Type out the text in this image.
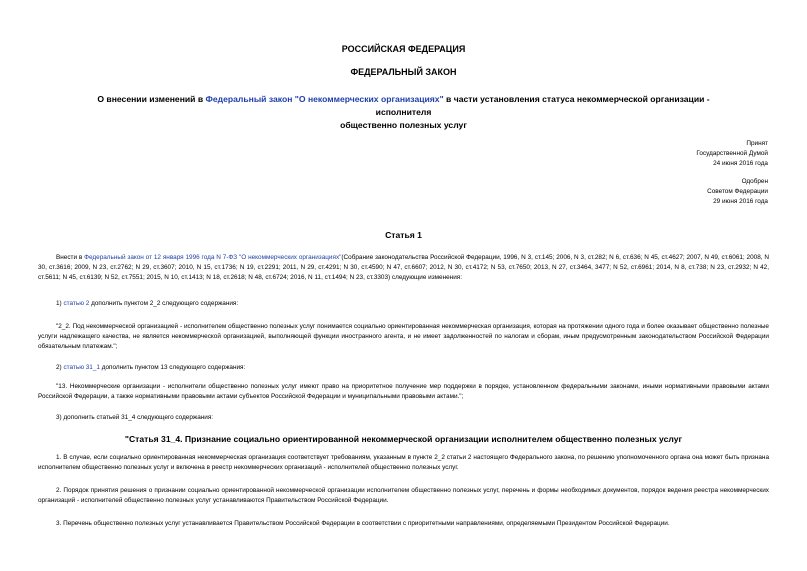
РОССИЙСКАЯ ФЕДЕРАЦИЯ
ФЕДЕРАЛЬНЫЙ ЗАКОН
О внесении изменений в Федеральный закон "О некоммерческих организациях" в части установления статуса некоммерческой организации - исполнителя
общественно полезных услуг
Принят
Государственной Думой
24 июня 2016 года
Одобрен
Советом Федерации
29 июня 2016 года
Статья 1
Внести в Федеральный закон от 12 января 1996 года N 7-ФЗ "О некоммерческих организациях"(Собрание законодательства Российской Федерации, 1996, N 3, ст.145; 2006, N 3, ст.282; N 6, ст.636; N 45, ст.4627; 2007, N 49, ст.6061; 2008, N 30, ст.3616; 2009, N 23, ст.2762; N 29, ст.3607; 2010, N 15, ст.1736; N 19, ст.2291; 2011, N 29, ст.4291; N 30, ст.4590; N 47, ст.6607; 2012, N 30, ст.4172; N 53, ст.7650; 2013, N 27, ст.3464, 3477; N 52, ст.6961; 2014, N 8, ст.738; N 23, ст.2932; N 42, ст.5611; N 45, ст.6139; N 52, ст.7551; 2015, N 10, ст.1413; N 18, ст.2618; N 48, ст.6724; 2016, N 11, ст.1494; N 23, ст.3303) следующие изменения:
1) статью 2 дополнить пунктом 2_2 следующего содержания:
"2_2. Под некоммерческой организацией - исполнителем общественно полезных услуг понимается социально ориентированная некоммерческая организация, которая на протяжении одного года и более оказывает общественно полезные услуги надлежащего качества, не является некоммерческой организацией, выполняющей функции иностранного агента, и не имеет задолженностей по налогам и сборам, иным предусмотренным законодательством Российской Федерации обязательным платежам.";
2) статью 31_1 дополнить пунктом 13 следующего содержания:
"13. Некоммерческие организации - исполнители общественно полезных услуг имеют право на приоритетное получение мер поддержки в порядке, установленном федеральными законами, иными нормативными правовыми актами Российской Федерации, а также нормативными правовыми актами субъектов Российской Федерации и муниципальными правовыми актами.";
3) дополнить статьей 31_4 следующего содержания:
"Статья 31_4. Признание социально ориентированной некоммерческой организации исполнителем общественно полезных услуг
1. В случае, если социально ориентированная некоммерческая организация соответствует требованиям, указанным в пункте 2_2 статьи 2 настоящего Федерального закона, по решению уполномоченного органа она может быть признана исполнителем общественно полезных услуг и включена в реестр некоммерческих организаций - исполнителей общественно полезных услуг.
2. Порядок принятия решения о признании социально ориентированной некоммерческой организации исполнителем общественно полезных услуг, перечень и формы необходимых документов, порядок ведения реестра некоммерческих организаций - исполнителей общественно полезных услуг устанавливаются Правительством Российской Федерации.
3. Перечень общественно полезных услуг устанавливается Правительством Российской Федерации в соответствии с приоритетными направлениями, определяемыми Президентом Российской Федерации.
